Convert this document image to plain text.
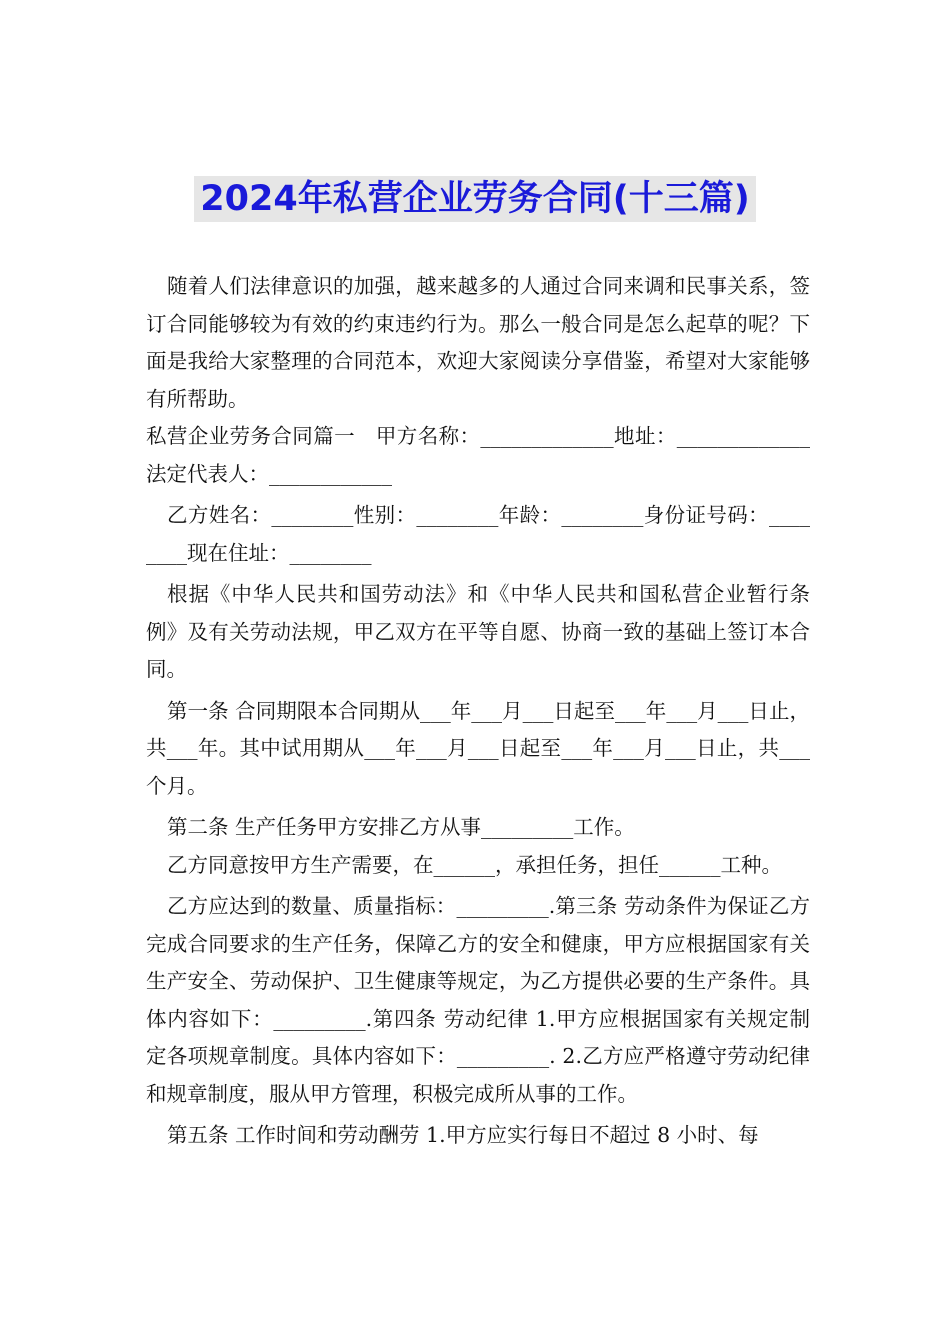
2024年私营企业劳务合同(十三篇)

随着人们法律意识的加强，越来越多的人通过合同来调和民事关系，签订合同能够较为有效的约束违约行为。那么一般合同是怎么起草的呢？下面是我给大家整理的合同范本，欢迎大家阅读分享借鉴，希望对大家能够有所帮助。

私营企业劳务合同篇一　甲方名称：_____________地址：_____________法定代表人：____________

乙方姓名：________性别：________年龄：________身份证号码：________现在住址：________

根据《中华人民共和国劳动法》和《中华人民共和国私营企业暂行条例》及有关劳动法规，甲乙双方在平等自愿、协商一致的基础上签订本合同。

第一条 合同期限本合同期从___年___月___日起至___年___月___日止，共___年。其中试用期从___年___月___日起至___年___月___日止，共___个月。

第二条 生产任务甲方安排乙方从事_________工作。

乙方同意按甲方生产需要，在______，承担任务，担任______工种。

乙方应达到的数量、质量指标：_________.第三条 劳动条件为保证乙方完成合同要求的生产任务，保障乙方的安全和健康，甲方应根据国家有关生产安全、劳动保护、卫生健康等规定，为乙方提供必要的生产条件。具体内容如下：_________.第四条 劳动纪律 1.甲方应根据国家有关规定制定各项规章制度。具体内容如下：_________. 2.乙方应严格遵守劳动纪律和规章制度，服从甲方管理，积极完成所从事的工作。

第五条 工作时间和劳动酬劳 1.甲方应实行每日不超过 8 小时、每
